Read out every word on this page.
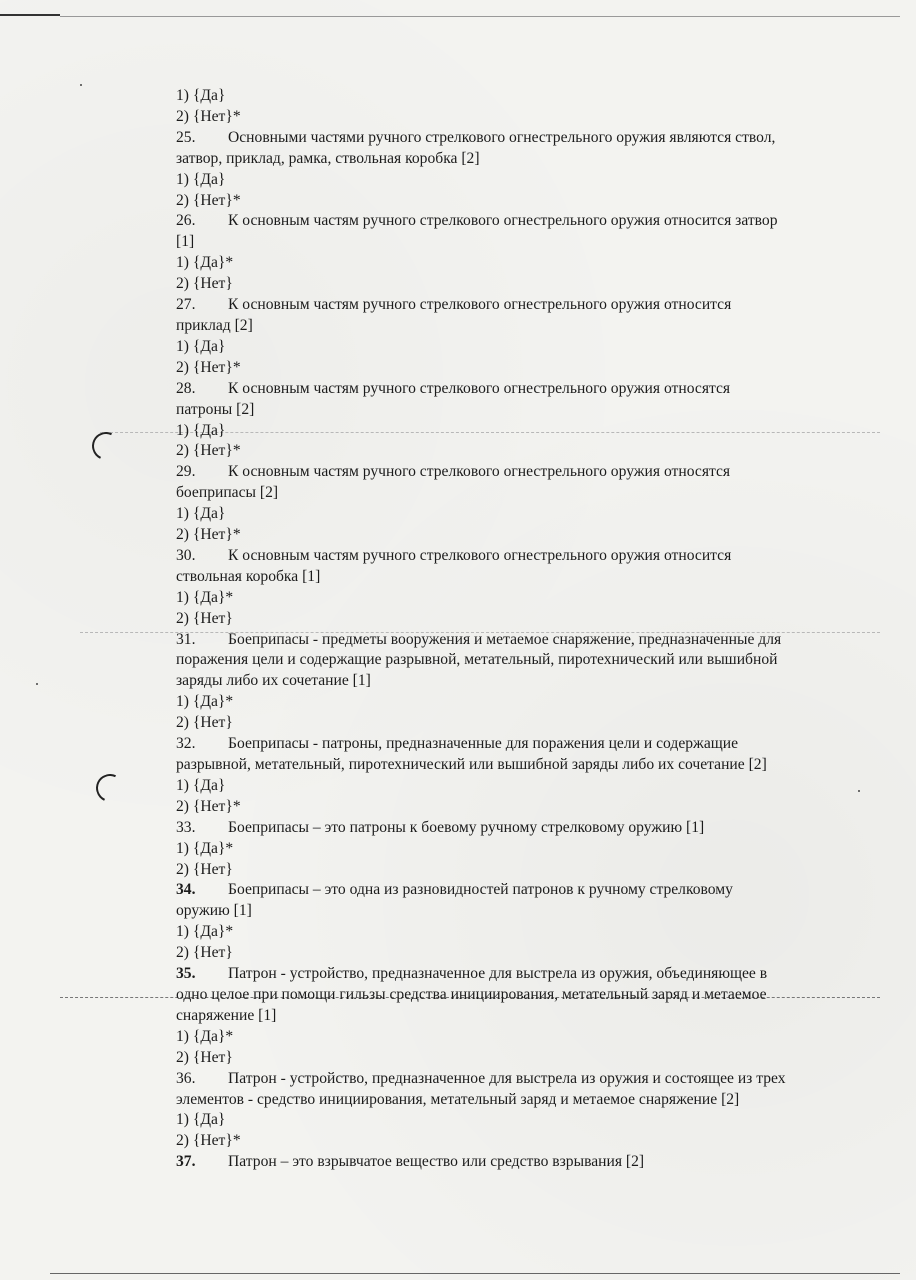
1) {Да}
2) {Нет}*
25.	Основными частями ручного стрелкового огнестрельного оружия являются ствол,
затвор, приклад, рамка, ствольная коробка [2]
1) {Да}
2) {Нет}*
26.	К основным частям ручного стрелкового огнестрельного оружия относится затвор
[1]
1) {Да}*
2) {Нет}
27.	К основным частям ручного стрелкового огнестрельного оружия относится
приклад [2]
1) {Да}
2) {Нет}*
28.	К основным частям ручного стрелкового огнестрельного оружия относятся
патроны [2]
1) {Да}
2) {Нет}*
29.	К основным частям ручного стрелкового огнестрельного оружия относятся
боеприпасы [2]
1) {Да}
2) {Нет}*
30.	К основным частям ручного стрелкового огнестрельного оружия относится
ствольная коробка [1]
1) {Да}*
2) {Нет}
31.	Боеприпасы - предметы вооружения и метаемое снаряжение, предназначенные для
поражения цели и содержащие разрывной, метательный, пиротехнический или вышибной
заряды либо их сочетание [1]
1) {Да}*
2) {Нет}
32.	Боеприпасы - патроны, предназначенные для поражения цели и содержащие
разрывной, метательный, пиротехнический или вышибной заряды либо их сочетание [2]
1) {Да}
2) {Нет}*
33.	Боеприпасы – это патроны к боевому ручному стрелковому оружию [1]
1) {Да}*
2) {Нет}
34.	Боеприпасы – это одна из разновидностей патронов к ручному стрелковому
оружию [1]
1) {Да}*
2) {Нет}
35.	Патрон - устройство, предназначенное для выстрела из оружия, объединяющее в
одно целое при помощи гильзы средства инициирования, метательный заряд и метаемое
снаряжение [1]
1) {Да}*
2) {Нет}
36.	Патрон - устройство, предназначенное для выстрела из оружия и состоящее из трех
элементов - средство инициирования, метательный заряд и метаемое снаряжение [2]
1) {Да}
2) {Нет}*
37.	Патрон – это взрывчатое вещество или средство взрывания [2]
